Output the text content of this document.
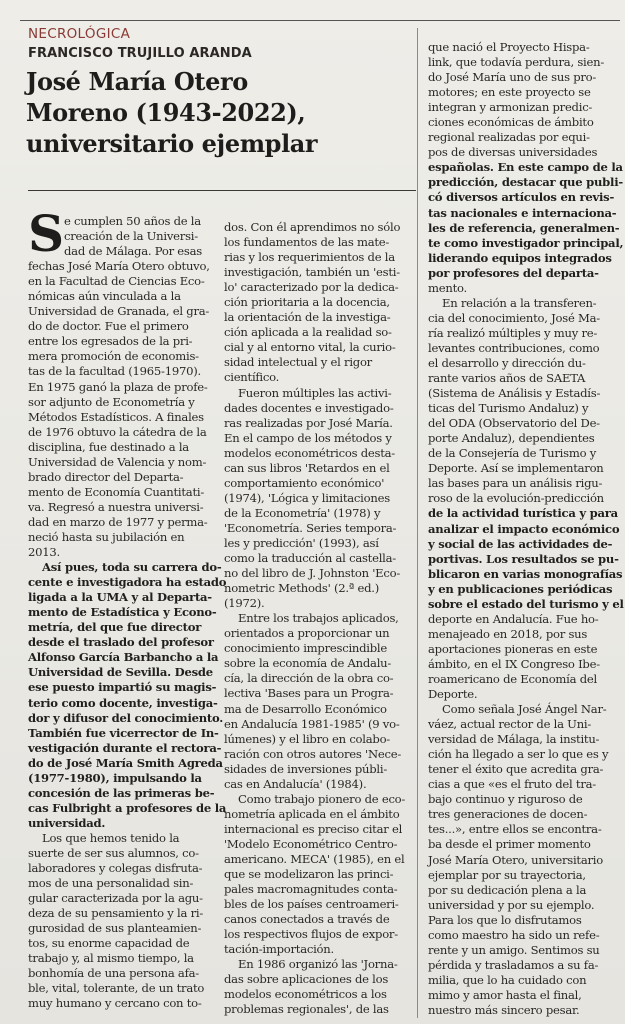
NECROLÓGICA
FRANCISCO TRUJILLO ARANDA
José María Otero
Moreno (1943-2022),
universitario ejemplar
S e cumplen 50 años de la
creación de la Universi-
dad de Málaga. Por esas
fechas José María Otero obtuvo,
en la Facultad de Ciencias Eco-
nómicas aún vinculada a la
Universidad de Granada, el gra-
do de doctor. Fue el primero
entre los egresados de la pri-
mera promoción de economis-
tas de la facultad (1965-1970).
En 1975 ganó la plaza de profe-
sor adjunto de Econometría y
Métodos Estadísticos. A finales
de 1976 obtuvo la cátedra de la
disciplina, fue destinado a la
Universidad de Valencia y nom-
brado director del Departa-
mento de Economía Cuantitati-
va. Regresó a nuestra universi-
dad en marzo de 1977 y perma-
neció hasta su jubilación en
2013.
Así pues, toda su carrera do-
cente e investigadora ha estado
ligada a la UMA y al Departa-
mento de Estadística y Econo-
metría, del que fue director
desde el traslado del profesor
Alfonso García Barbancho a la
Universidad de Sevilla. Desde
ese puesto impartió su magis-
terio como docente, investiga-
dor y difusor del conocimiento.
También fue vicerrector de In-
vestigación durante el rectora-
do de José María Smith Agreda
(1977-1980), impulsando la
concesión de las primeras be-
cas Fulbright a profesores de la
universidad.
Los que hemos tenido la
suerte de ser sus alumnos, co-
laboradores y colegas disfruta-
mos de una personalidad sin-
gular caracterizada por la agu-
deza de su pensamiento y la ri-
gurosidad de sus planteamien-
tos, su enorme capacidad de
trabajo y, al mismo tiempo, la
bonhomía de una persona afa-
ble, vital, tolerante, de un trato
muy humano y cercano con to-
dos. Con él aprendimos no sólo
los fundamentos de las mate-
rias y los requerimientos de la
investigación, también un 'esti-
lo' caracterizado por la dedica-
ción prioritaria a la docencia,
la orientación de la investiga-
ción aplicada a la realidad so-
cial y al entorno vital, la curio-
sidad intelectual y el rigor
científico.
Fueron múltiples las activi-
dades docentes e investigado-
ras realizadas por José María.
En el campo de los métodos y
modelos econométricos desta-
can sus libros 'Retardos en el
comportamiento económico'
(1974), 'Lógica y limitaciones
de la Econometría' (1978) y
'Econometría. Series tempora-
les y predicción' (1993), así
como la traducción al castella-
no del libro de J. Johnston 'Eco-
nometric Methods' (2.ª ed.)
(1972).
Entre los trabajos aplicados,
orientados a proporcionar un
conocimiento imprescindible
sobre la economía de Andalu-
cía, la dirección de la obra co-
lectiva 'Bases para un Progra-
ma de Desarrollo Económico
en Andalucía 1981-1985' (9 vo-
lúmenes) y el libro en colabo-
ración con otros autores 'Nece-
sidades de inversiones públi-
cas en Andalucía' (1984).
Como trabajo pionero de eco-
nometría aplicada en el ámbito
internacional es preciso citar el
'Modelo Econométrico Centro-
americano. MECA' (1985), en el
que se modelizaron las princi-
pales macromagnitudes conta-
bles de los países centroameri-
canos conectados a través de
los respectivos flujos de expor-
tación-importación.
En 1986 organizó las 'Jorna-
das sobre aplicaciones de los
modelos econométricos a los
problemas regionales', de las
que nació el Proyecto Hispa-
link, que todavía perdura, sien-
do José María uno de sus pro-
motores; en este proyecto se
integran y armonizan predic-
ciones económicas de ámbito
regional realizadas por equi-
pos de diversas universidades
españolas. En este campo de la
predicción, destacar que publi-
có diversos artículos en revis-
tas nacionales e internaciona-
les de referencia, generalmen-
te como investigador principal,
liderando equipos integrados
por profesores del departa-
mento.
En relación a la transferen-
cia del conocimiento, José Ma-
ría realizó múltiples y muy re-
levantes contribuciones, como
el desarrollo y dirección du-
rante varios años de SAETA
(Sistema de Análisis y Estadís-
ticas del Turismo Andaluz) y
del ODA (Observatorio del De-
porte Andaluz), dependientes
de la Consejería de Turismo y
Deporte. Así se implementaron
las bases para un análisis rigu-
roso de la evolución-predicción
de la actividad turística y para
analizar el impacto económico
y social de las actividades de-
portivas. Los resultados se pu-
blicaron en varias monografías
y en publicaciones periódicas
sobre el estado del turismo y el
deporte en Andalucía. Fue ho-
menajeado en 2018, por sus
aportaciones pioneras en este
ámbito, en el IX Congreso Ibe-
roamericano de Economía del
Deporte.
Como señala José Ángel Nar-
váez, actual rector de la Uni-
versidad de Málaga, la institu-
ción ha llegado a ser lo que es y
tener el éxito que acredita gra-
cias a que «es el fruto del tra-
bajo continuo y riguroso de
tres generaciones de docen-
tes...», entre ellos se encontra-
ba desde el primer momento
José María Otero, universitario
ejemplar por su trayectoria,
por su dedicación plena a la
universidad y por su ejemplo.
Para los que lo disfrutamos
como maestro ha sido un refe-
rente y un amigo. Sentimos su
pérdida y trasladamos a su fa-
milia, que lo ha cuidado con
mimo y amor hasta el final,
nuestro más sincero pesar.
